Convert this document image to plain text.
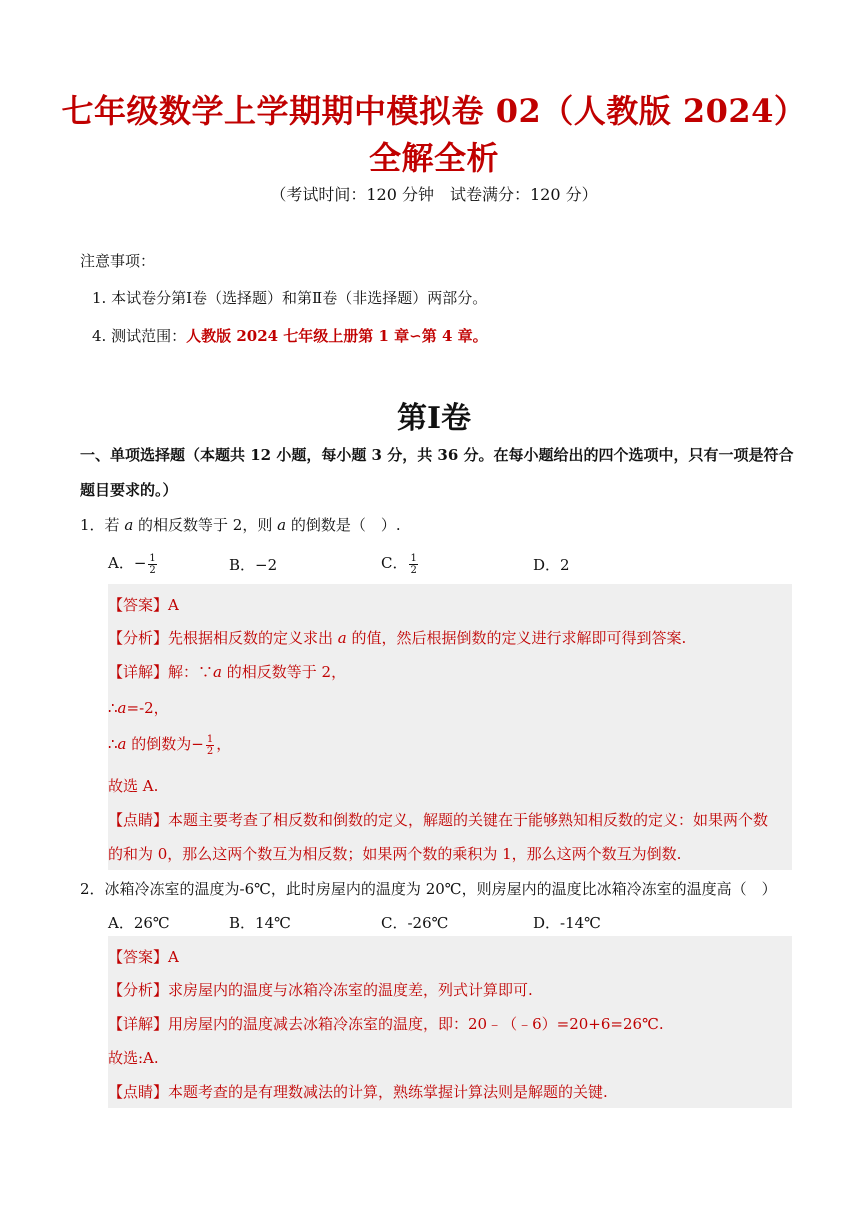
七年级数学上学期期中模拟卷 02（人教版 2024）
全解全析
（考试时间：120 分钟　试卷满分：120 分）
注意事项：
1. 本试卷分第Ⅰ卷（选择题）和第Ⅱ卷（非选择题）两部分。
4. 测试范围：人教版 2024 七年级上册第 1 章∽第 4 章。
第Ⅰ卷
一、单项选择题（本题共 12 小题，每小题 3 分，共 36 分。在每小题给出的四个选项中，只有一项是符合
题目要求的。）
1．若 a 的相反数等于 2，则 a 的倒数是（　）.
A．− $\frac{1}{2}$	B．−2	C． $\frac{1}{2}$	D．2
【答案】A
【分析】先根据相反数的定义求出 a 的值，然后根据倒数的定义进行求解即可得到答案.
【详解】解：∵a 的相反数等于 2，
∴a=-2，
∴a 的倒数为− $\frac{1}{2}$ ，
故选 A.
【点睛】本题主要考查了相反数和倒数的定义，解题的关键在于能够熟知相反数的定义：如果两个数
的和为 0，那么这两个数互为相反数；如果两个数的乘积为 1，那么这两个数互为倒数.
2．冰箱冷冻室的温度为-6℃，此时房屋内的温度为 20℃，则房屋内的温度比冰箱冷冻室的温度高（　）
A．26℃	B．14℃	C．-26℃	D．-14℃
【答案】A
【分析】求房屋内的温度与冰箱冷冻室的温度差，列式计算即可.
【详解】用房屋内的温度减去冰箱冷冻室的温度，即：20﹣（﹣6）=20+6=26℃.
故选:A.
【点睛】本题考查的是有理数减法的计算，熟练掌握计算法则是解题的关键.
